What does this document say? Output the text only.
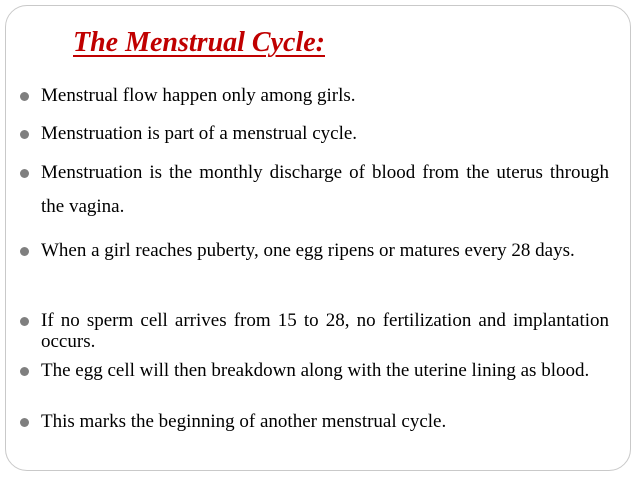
The Menstrual Cycle:
Menstrual flow happen only among girls.
Menstruation is part of a menstrual cycle.
Menstruation is the monthly discharge of blood from the uterus through the vagina.
When a girl reaches puberty, one egg ripens or matures every 28 days.
If no sperm cell arrives from 15 to 28, no fertilization and implantation occurs.
The egg cell will then breakdown along with the uterine lining as blood.
This marks the beginning of another menstrual cycle.
